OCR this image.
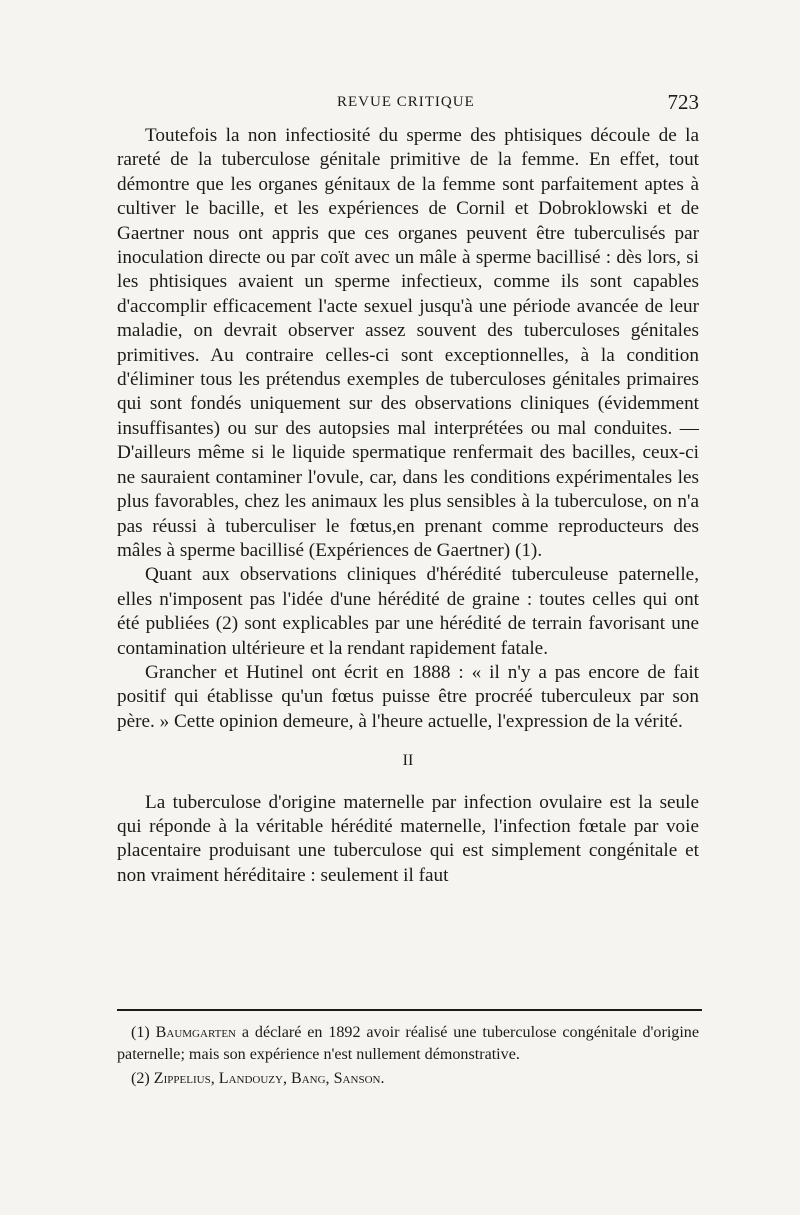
REVUE CRITIQUE	723

Toutefois la non infectiosité du sperme des phtisiques découle de la rareté de la tuberculose génitale primitive de la femme. En effet, tout démontre que les organes génitaux de la femme sont parfaitement aptes à cultiver le bacille, et les expériences de Cornil et Dobroklowski et de Gaertner nous ont appris que ces organes peuvent être tuberculisés par inoculation directe ou par coït avec un mâle à sperme bacillisé : dès lors, si les phtisiques avaient un sperme infectieux, comme ils sont capables d'accomplir efficacement l'acte sexuel jusqu'à une période avancée de leur maladie, on devrait observer assez souvent des tuberculoses génitales primitives. Au contraire celles-ci sont exceptionnelles, à la condition d'éliminer tous les prétendus exemples de tuberculoses génitales primaires qui sont fondés uniquement sur des observations cliniques (évidemment insuffisantes) ou sur des autopsies mal interprétées ou mal conduites. — D'ailleurs même si le liquide spermatique renfermait des bacilles, ceux-ci ne sauraient contaminer l'ovule, car, dans les conditions expérimentales les plus favorables, chez les animaux les plus sensibles à la tuberculose, on n'a pas réussi à tuberculiser le fœtus,en prenant comme reproducteurs des mâles à sperme bacillisé (Expériences de Gaertner) (1).

Quant aux observations cliniques d'hérédité tuberculeuse paternelle, elles n'imposent pas l'idée d'une hérédité de graine : toutes celles qui ont été publiées (2) sont explicables par une hérédité de terrain favorisant une contamination ultérieure et la rendant rapidement fatale.

Grancher et Hutinel ont écrit en 1888 : « il n'y a pas encore de fait positif qui établisse qu'un fœtus puisse être procréé tuberculeux par son père. » Cette opinion demeure, à l'heure actuelle, l'expression de la vérité.

II

La tuberculose d'origine maternelle par infection ovulaire est la seule qui réponde à la véritable hérédité maternelle, l'infection fœtale par voie placentaire produisant une tuberculose qui est simplement congénitale et non vraiment héréditaire : seulement il faut

(1) Baumgarten a déclaré en 1892 avoir réalisé une tuberculose congénitale d'origine paternelle; mais son expérience n'est nullement démonstrative.

(2) Zippelius, Landouzy, Bang, Sanson.
